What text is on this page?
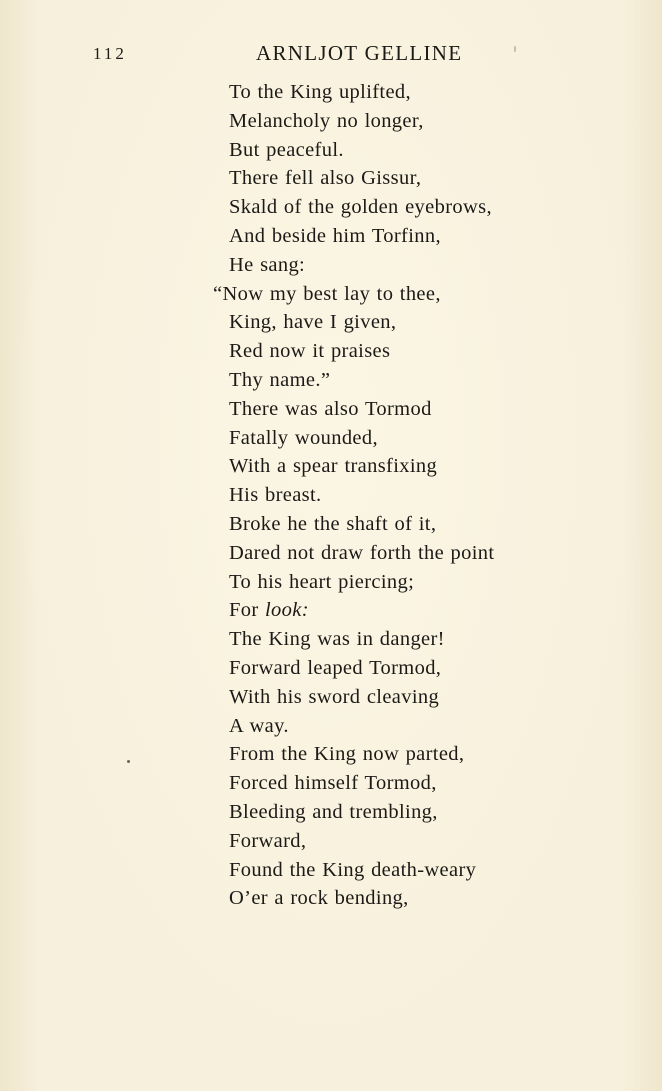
112	ARNLJOT GELLINE
To the King uplifted,
Melancholy no longer,
But peaceful.
There fell also Gissur,
Skald of the golden eyebrows,
And beside him Torfinn,
He sang:
“Now my best lay to thee,
King, have I given,
Red now it praises
Thy name.”
There was also Tormod
Fatally wounded,
With a spear transfixing
His breast.
Broke he the shaft of it,
Dared not draw forth the point
To his heart piercing;
For look:
The King was in danger!
Forward leaped Tormod,
With his sword cleaving
A way.
From the King now parted,
Forced himself Tormod,
Bleeding and trembling,
Forward,
Found the King death-weary
O’er a rock bending,
